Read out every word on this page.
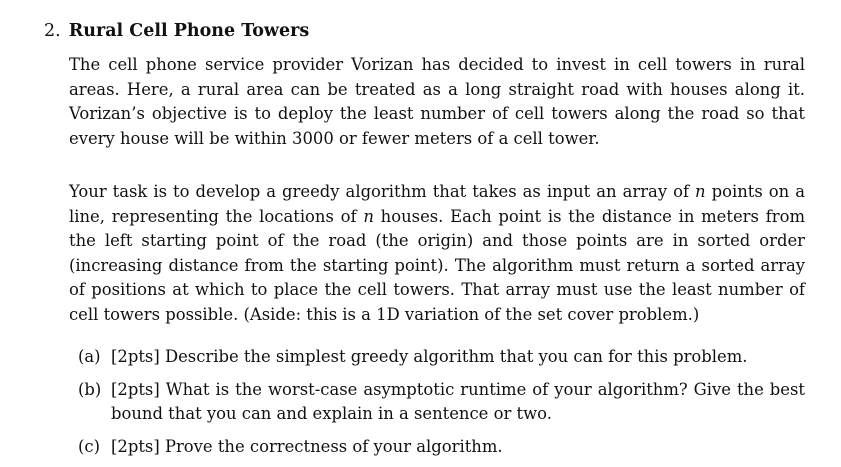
2. Rural Cell Phone Towers

The cell phone service provider Vorizan has decided to invest in cell towers in rural areas. Here, a rural area can be treated as a long straight road with houses along it. Vorizan’s objective is to deploy the least number of cell towers along the road so that every house will be within 3000 or fewer meters of a cell tower.

Your task is to develop a greedy algorithm that takes as input an array of n points on a line, representing the locations of n houses. Each point is the distance in meters from the left starting point of the road (the origin) and those points are in sorted order (increasing distance from the starting point). The algorithm must return a sorted array of positions at which to place the cell towers. That array must use the least number of cell towers possible. (Aside: this is a 1D variation of the set cover problem.)

(a) [2pts] Describe the simplest greedy algorithm that you can for this problem.
(b) [2pts] What is the worst-case asymptotic runtime of your algorithm? Give the best bound that you can and explain in a sentence or two.
(c) [2pts] Prove the correctness of your algorithm.
